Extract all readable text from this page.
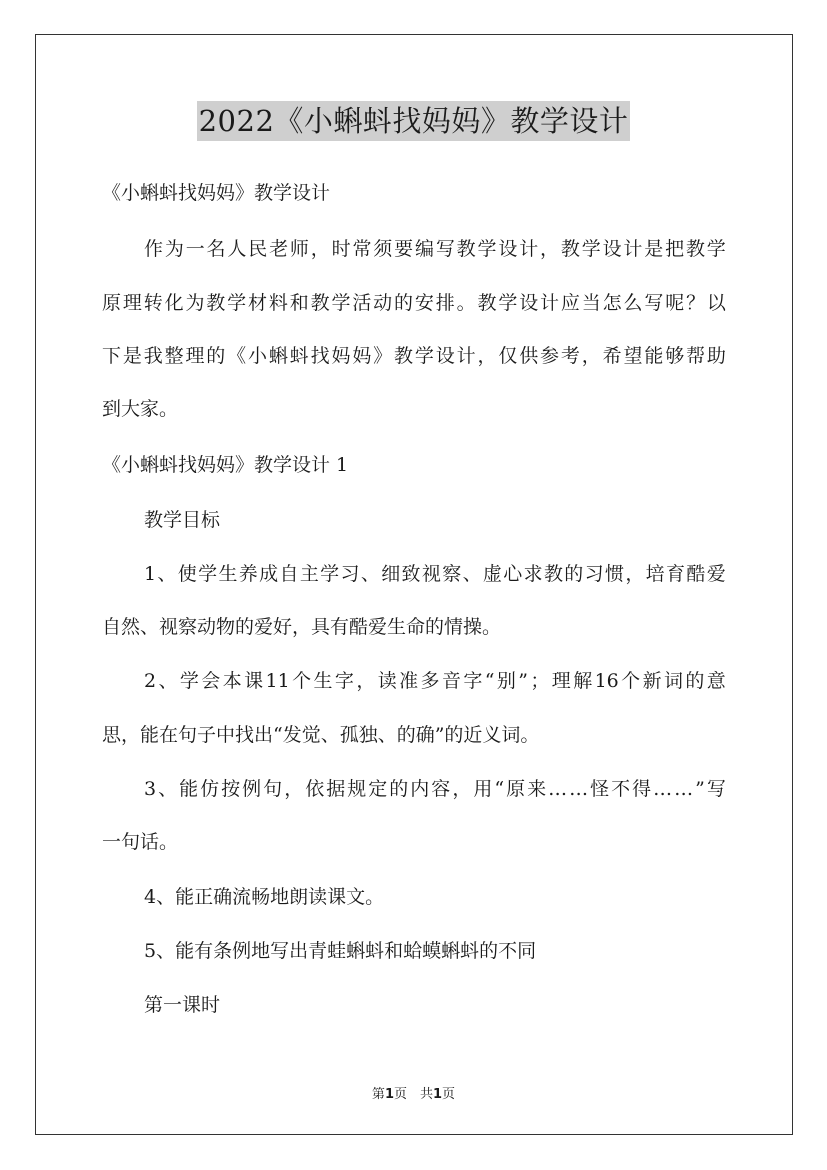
2022《小蝌蚪找妈妈》教学设计
《小蝌蚪找妈妈》教学设计
作 为 一 名 人 民 老 师 ， 时 常 须 要 编 写 教 学 设 计 ， 教 学 设 计 是 把 教 学
原 理 转 化 为 教 学 材 料 和 教 学 活 动 的 安 排 。 教 学 设 计 应 当 怎 么 写 呢 ？ 以
下 是 我 整 理 的 《 小 蝌 蚪 找 妈 妈 》 教 学 设 计 ， 仅 供 参 考 ， 希 望 能 够 帮 助
到大家。
《小蝌蚪找妈妈》教学设计 1
教学目标
1 、 使 学 生 养 成 自 主 学 习 、 细 致 视 察 、 虚 心 求 教 的 习 惯 ， 培 育 酷 爱
自然、视察动物的爱好，具有酷爱生命的情操。
2 、 学 会 本 课 11 个 生 字 ， 读 准 多 音 字 “ 别 ” ； 理 解 16 个 新 词 的 意
思，能在句子中找出“发觉、孤独、的确”的近义词。
3 、 能 仿 按 例 句 ， 依 据 规 定 的 内 容 ， 用 “ 原 来 … … 怪 不 得 … … ” 写
一句话。
4、能正确流畅地朗读课文。
5、能有条例地写出青蛙蝌蚪和蛤蟆蝌蚪的不同
第一课时
第1页　共1页
